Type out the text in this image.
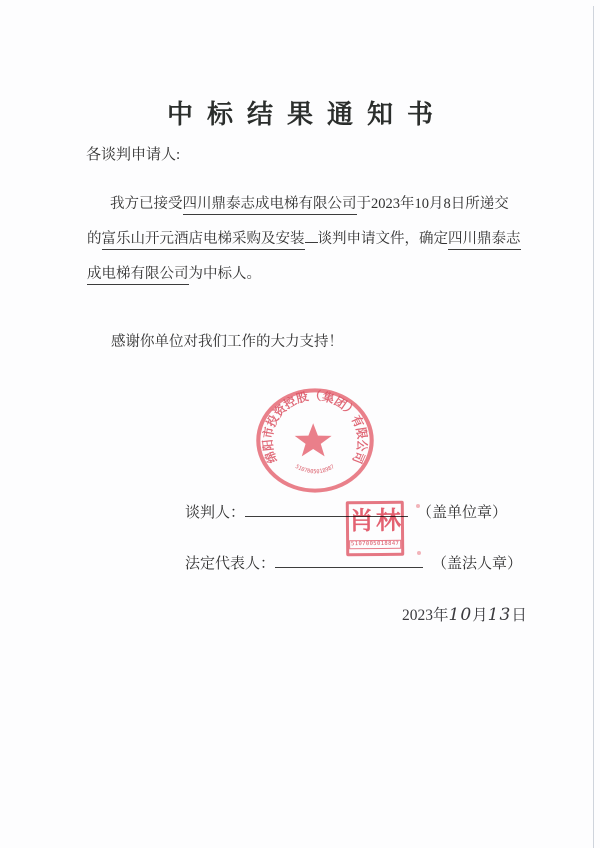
中标结果通知书
各谈判申请人:
我方已接受四川鼎泰志成电梯有限公司于2023年10月8日所递交
的富乐山开元酒店电梯采购及安装 谈判申请文件，确定四川鼎泰志
成电梯有限公司为中标人。
感谢你单位对我们工作的大力支持！
绵阳市投资控股（集团）有限公司
5107005018987
谈判人：	（盖单位章）
法定代表人：	（盖法人章）
肖 林
5107005018847
2023年10月13日
